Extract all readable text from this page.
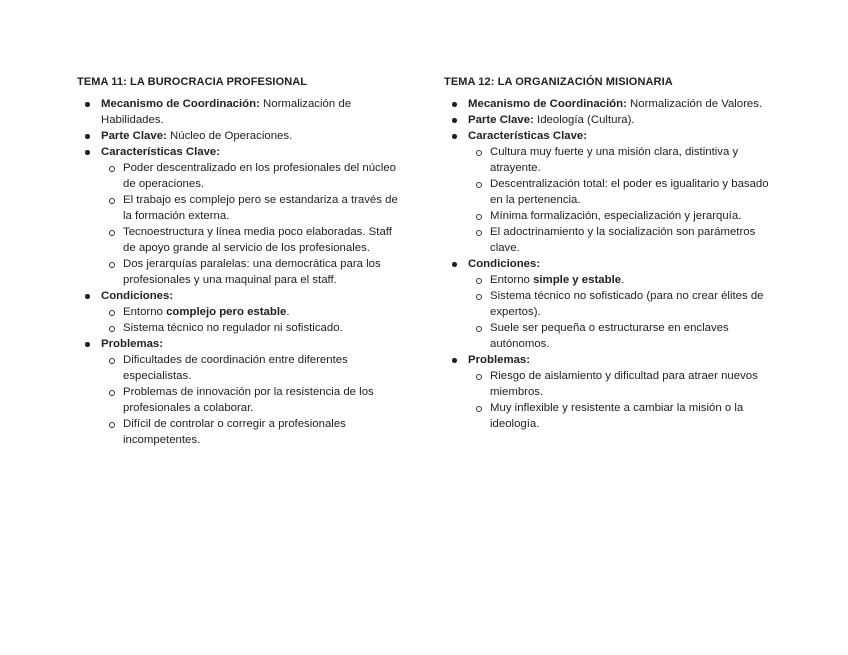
TEMA 11: LA BUROCRACIA PROFESIONAL
Mecanismo de Coordinación: Normalización de Habilidades.
Parte Clave: Núcleo de Operaciones.
Características Clave:
Poder descentralizado en los profesionales del núcleo de operaciones.
El trabajo es complejo pero se estandariza a través de la formación externa.
Tecnoestructura y línea media poco elaboradas. Staff de apoyo grande al servicio de los profesionales.
Dos jerarquías paralelas: una democrática para los profesionales y una maquinal para el staff.
Condiciones:
Entorno complejo pero estable.
Sistema técnico no regulador ni sofisticado.
Problemas:
Dificultades de coordinación entre diferentes especialistas.
Problemas de innovación por la resistencia de los profesionales a colaborar.
Difícil de controlar o corregir a profesionales incompetentes.
TEMA 12: LA ORGANIZACIÓN MISIONARIA
Mecanismo de Coordinación: Normalización de Valores.
Parte Clave: Ideología (Cultura).
Características Clave:
Cultura muy fuerte y una misión clara, distintiva y atrayente.
Descentralización total: el poder es igualitario y basado en la pertenencia.
Mínima formalización, especialización y jerarquía.
El adoctrinamiento y la socialización son parámetros clave.
Condiciones:
Entorno simple y estable.
Sistema técnico no sofisticado (para no crear élites de expertos).
Suele ser pequeña o estructurarse en enclaves autónomos.
Problemas:
Riesgo de aislamiento y dificultad para atraer nuevos miembros.
Muy inflexible y resistente a cambiar la misión o la ideología.
